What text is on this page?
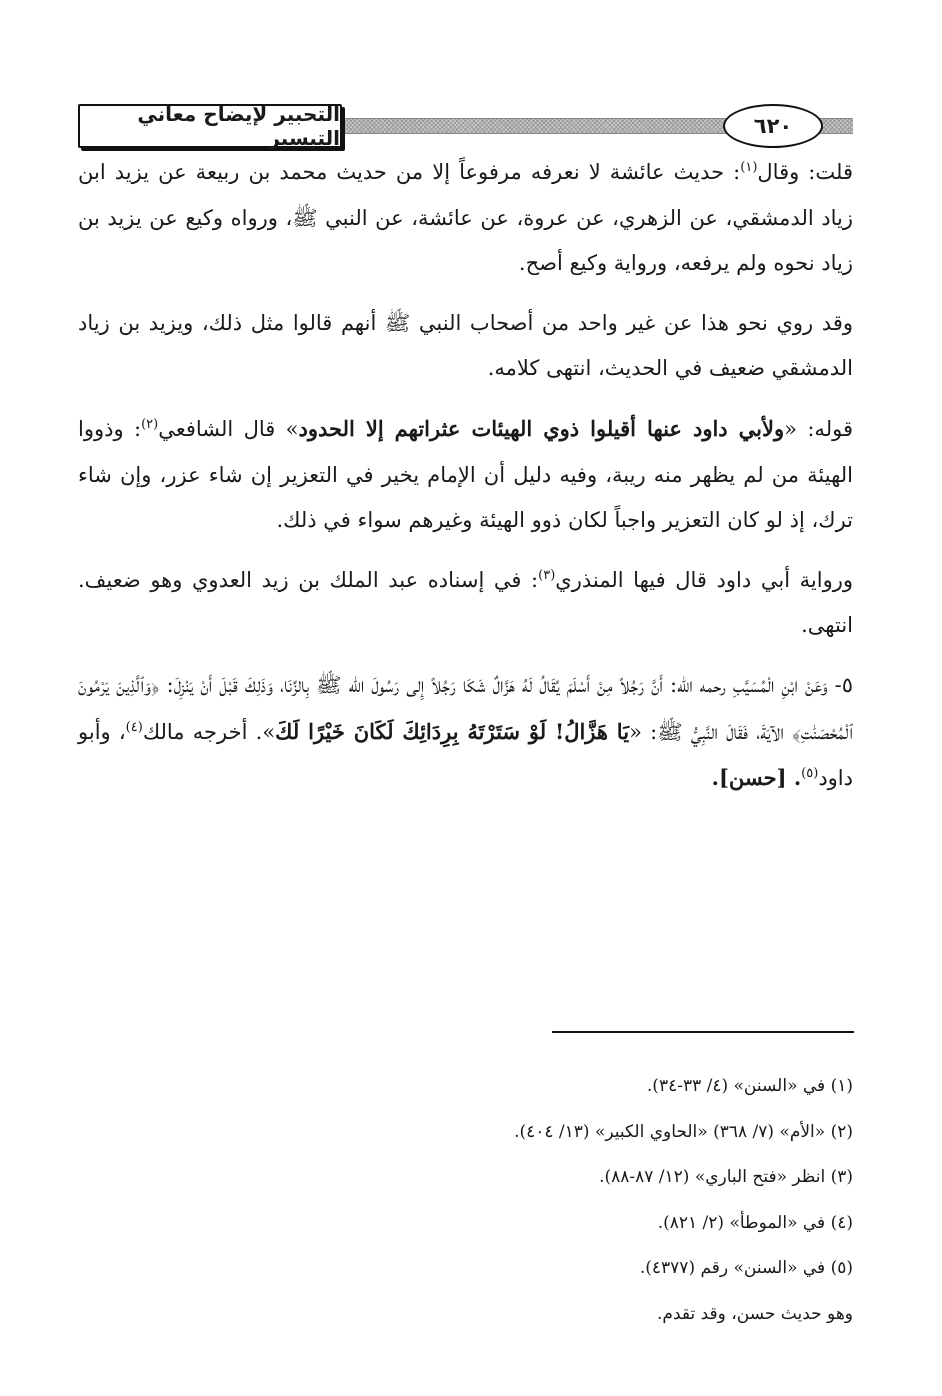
التحبير لإيضاح معاني التيسير	٦٢٠

قلت: وقال$^{(١)}$: حديث عائشة لا نعرفه مرفوعاً إلا من حديث محمد بن ربيعة عن يزيد ابن زياد الدمشقي، عن الزهري، عن عروة، عن عائشة، عن النبي ﷺ، ورواه وكيع عن يزيد بن زياد نحوه ولم يرفعه، ورواية وكيع أصح.

وقد روي نحو هذا عن غير واحد من أصحاب النبي ﷺ أنهم قالوا مثل ذلك، ويزيد بن زياد الدمشقي ضعيف في الحديث، انتهى كلامه.

قوله: «ولأبي داود عنها أقيلوا ذوي الهيئات عثراتهم إلا الحدود» قال الشافعي$^{(٢)}$: وذووا الهيئة من لم يظهر منه ريبة، وفيه دليل أن الإمام يخير في التعزير إن شاء عزر، وإن شاء ترك، إذ لو كان التعزير واجباً لكان ذوو الهيئة وغيرهم سواء في ذلك.

ورواية أبي داود قال فيها المنذري$^{(٣)}$: في إسناده عبد الملك بن زيد العدوي وهو ضعيف. انتهى.

٥- وَعَنْ ابْنِ الْمُسَيَّبِ رحمه الله: أَنَّ رَجُلاً مِنْ أَسْلَمَ يُقَالُ لَهُ هَزَّالٌ شَكَا رَجُلاً إِلى رَسُولَ الله ﷺ بِالزِّنَا، وَذَلِكَ قَبْلَ أَنْ يَنْزِلَ: ﴿وَٱلَّذِينَ يَرْمُونَ ٱلْمُحْصَنَٰتِ﴾ الآيَةَ، فَقَالَ النَّبِيُّ ﷺ: «يَا هَزَّالُ! لَوْ سَتَرْتَهُ بِرِدَائِكَ لَكَانَ خَيْرًا لَكَ». أخرجه مالك$^{(٤)}$، وأبو داود$^{(٥)}$. [حسن].

(١) في «السنن» (٤/ ٣٣-٣٤).
(٢) «الأم» (٧/ ٣٦٨) «الحاوي الكبير» (١٣/ ٤٠٤).
(٣) انظر «فتح الباري» (١٢/ ٨٧-٨٨).
(٤) في «الموطأ» (٢/ ٨٢١).
(٥) في «السنن» رقم (٤٣٧٧).
وهو حديث حسن، وقد تقدم.
